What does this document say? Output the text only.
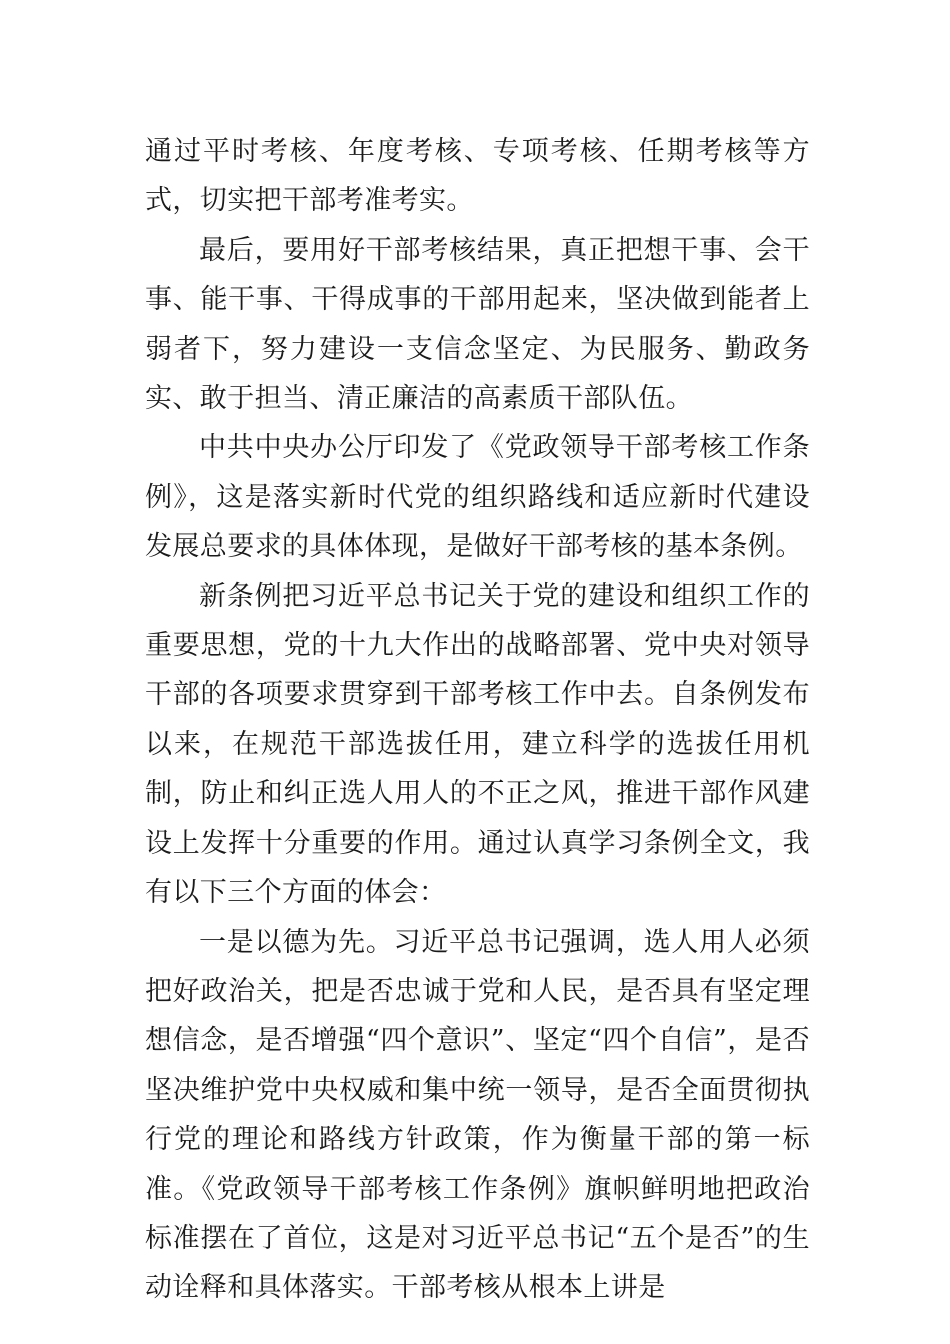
通过平时考核、年度考核、专项考核、任期考核等方式，切实把干部考准考实。

最后，要用好干部考核结果，真正把想干事、会干事、能干事、干得成事的干部用起来，坚决做到能者上弱者下，努力建设一支信念坚定、为民服务、勤政务实、敢于担当、清正廉洁的高素质干部队伍。

中共中央办公厅印发了《党政领导干部考核工作条例》，这是落实新时代党的组织路线和适应新时代建设发展总要求的具体体现，是做好干部考核的基本条例。

新条例把习近平总书记关于党的建设和组织工作的重要思想，党的十九大作出的战略部署、党中央对领导干部的各项要求贯穿到干部考核工作中去。自条例发布以来，在规范干部选拔任用，建立科学的选拔任用机制，防止和纠正选人用人的不正之风，推进干部作风建设上发挥十分重要的作用。通过认真学习条例全文，我有以下三个方面的体会：

一是以德为先。习近平总书记强调，选人用人必须把好政治关，把是否忠诚于党和人民，是否具有坚定理想信念，是否增强“四个意识”、坚定“四个自信”，是否坚决维护党中央权威和集中统一领导，是否全面贯彻执行党的理论和路线方针政策，作为衡量干部的第一标准。《党政领导干部考核工作条例》旗帜鲜明地把政治标准摆在了首位，这是对习近平总书记“五个是否”的生动诠释和具体落实。干部考核从根本上讲是
